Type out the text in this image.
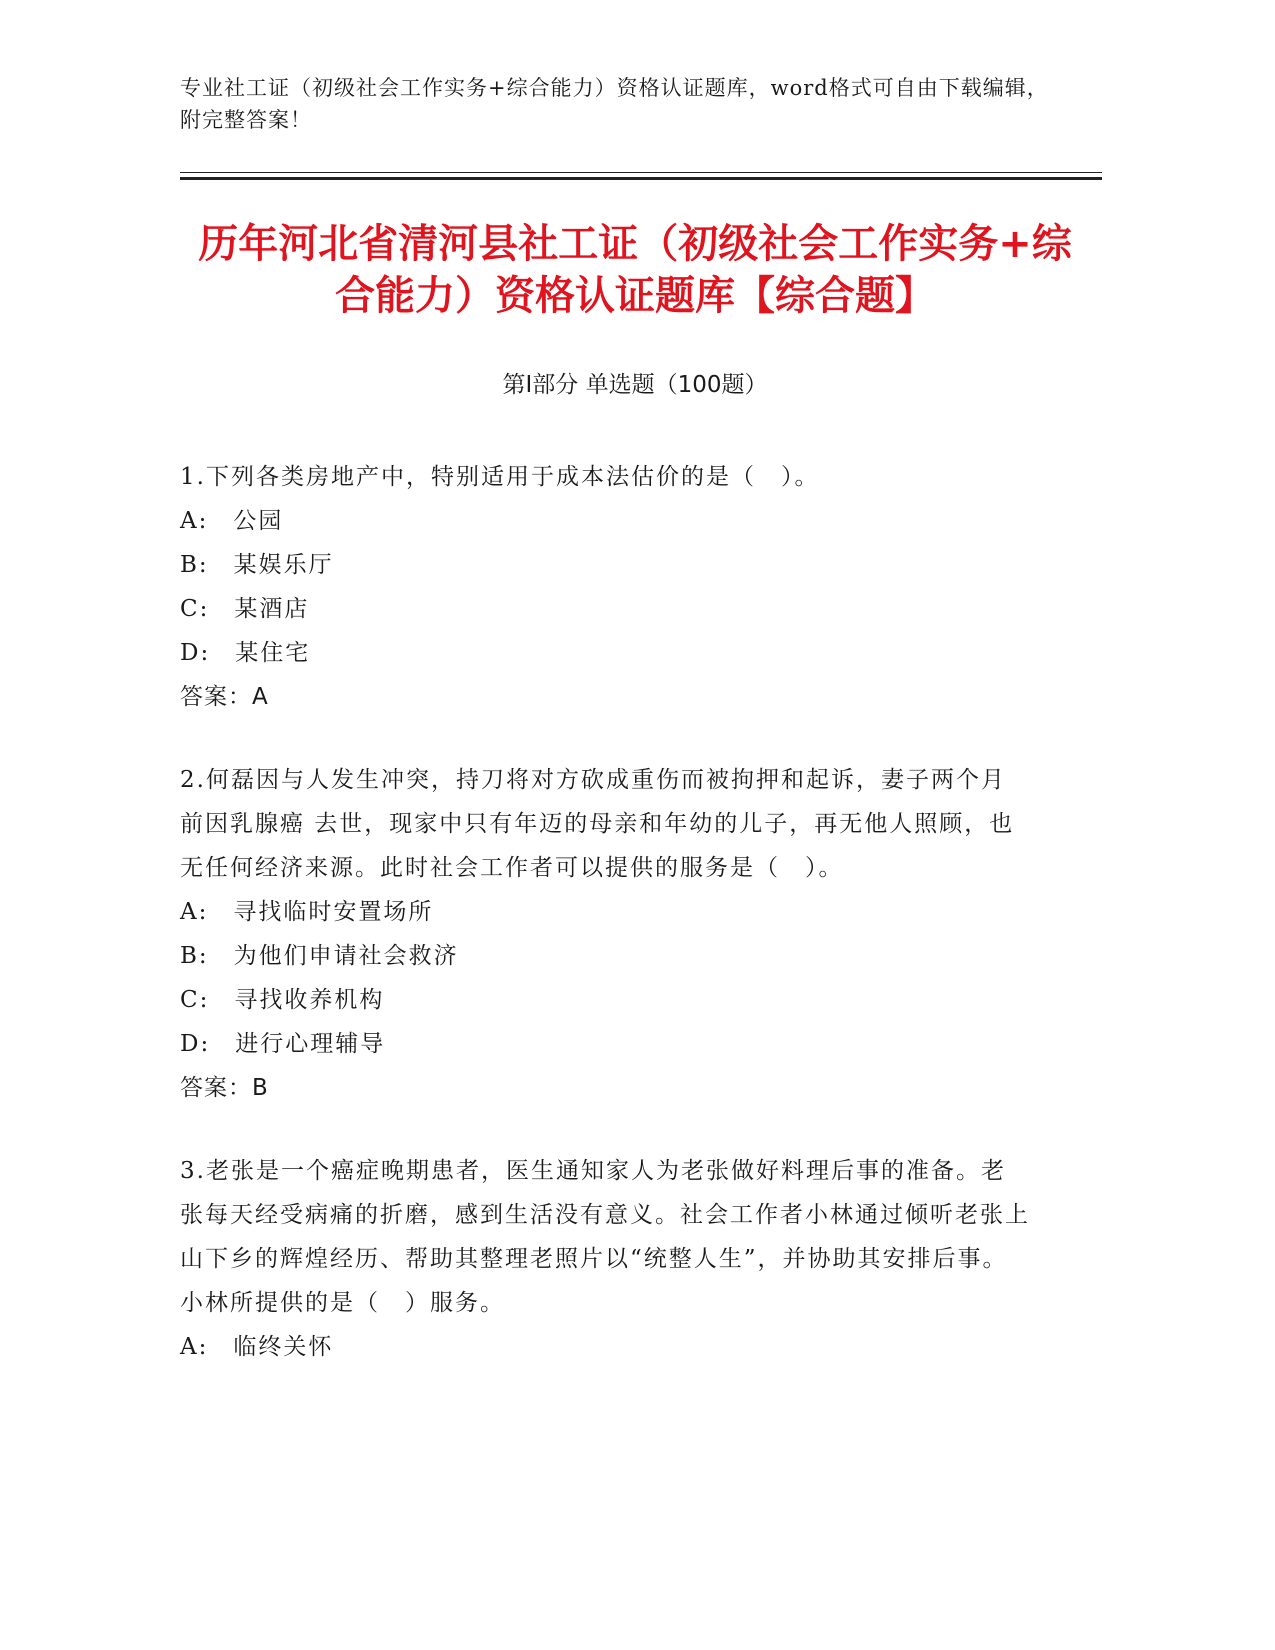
专业社工证（初级社会工作实务+综合能力）资格认证题库，word格式可自由下载编辑，附完整答案！
历年河北省清河县社工证（初级社会工作实务+综合能力）资格认证题库【综合题】
第I部分 单选题（100题）
1.下列各类房地产中，特别适用于成本法估价的是（　）。
A:　公园
B:　某娱乐厅
C:　某酒店
D:　某住宅
答案：A
2.何磊因与人发生冲突，持刀将对方砍成重伤而被拘押和起诉，妻子两个月前因乳腺癌 去世，现家中只有年迈的母亲和年幼的儿子，再无他人照顾，也无任何经济来源。此时社会工作者可以提供的服务是（　）。
A:　寻找临时安置场所
B:　为他们申请社会救济
C:　寻找收养机构
D:　进行心理辅导
答案：B
3.老张是一个癌症晚期患者，医生通知家人为老张做好料理后事的准备。老张每天经受病痛的折磨，感到生活没有意义。社会工作者小林通过倾听老张上山下乡的辉煌经历、帮助其整理老照片以“统整人生”，并协助其安排后事。小林所提供的是（　）服务。
A:　临终关怀
